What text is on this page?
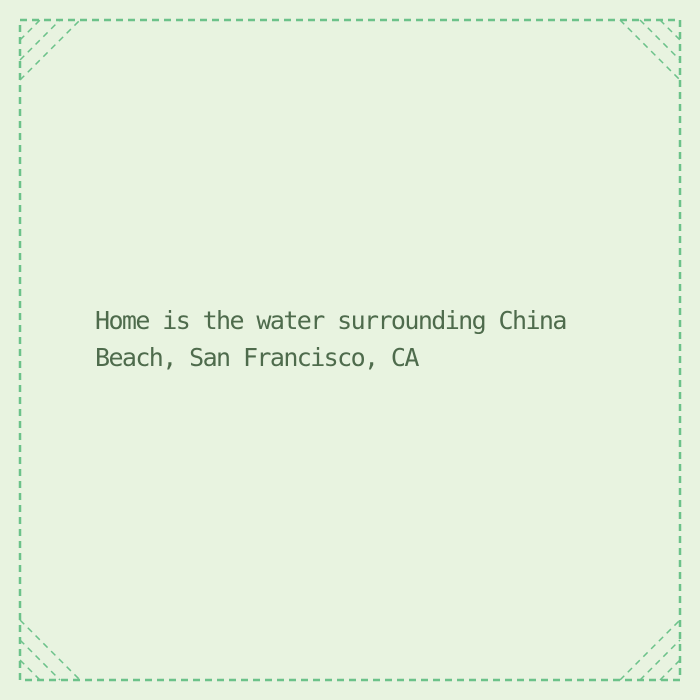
Home is the water surrounding China Beach, San Francisco, CA
